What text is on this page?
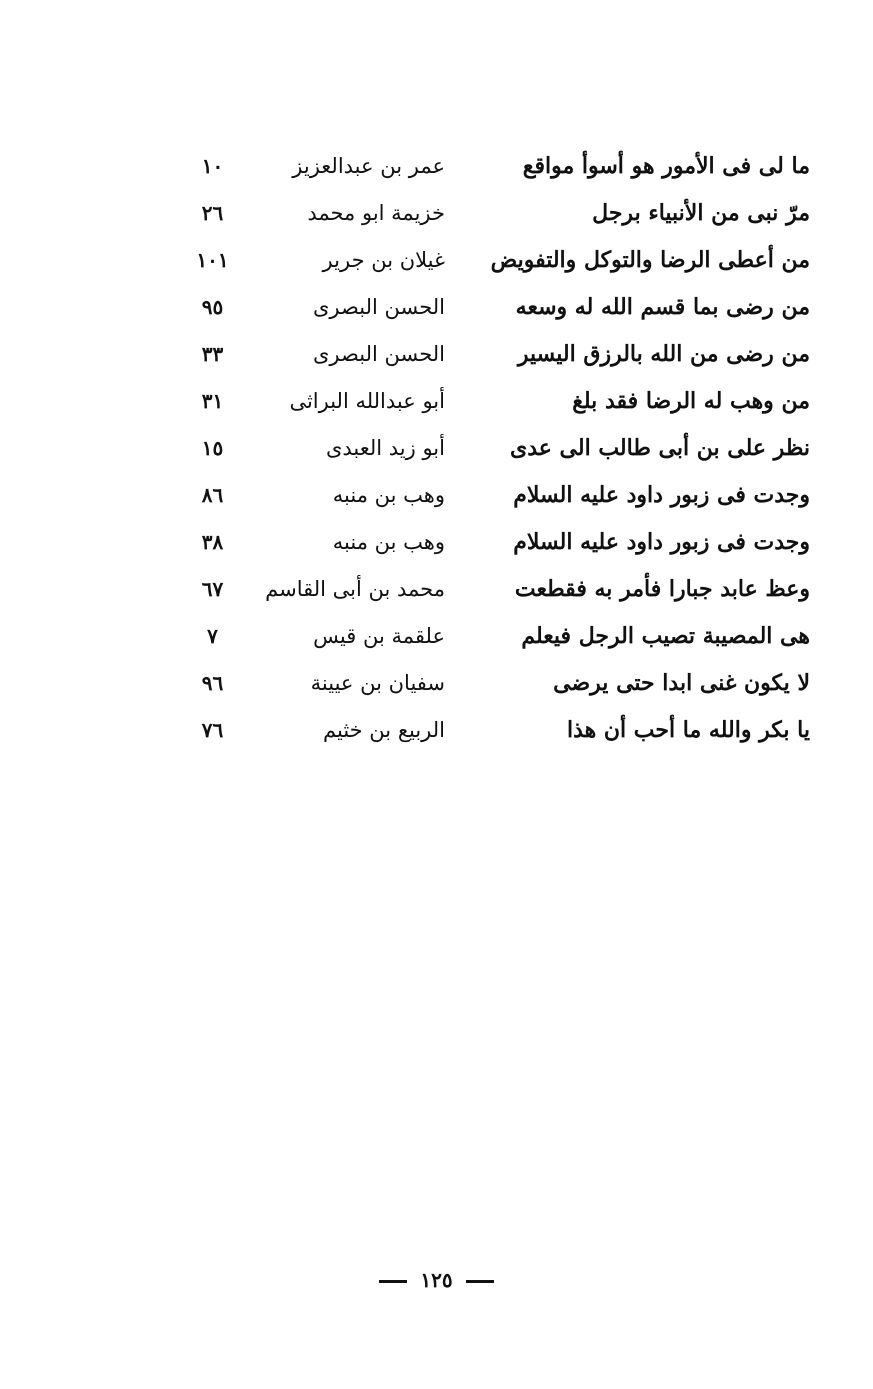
ما لى فى الأمور هو أسوأ مواقع
عمر بن عبدالعزيز
١٠
مرّ نبى من الأنبياء برجل
خزيمة ابو محمد
٢٦
من أعطى الرضا والتوكل والتفويض
غيلان بن جرير
١٠١
من رضى بما قسم الله له وسعه
الحسن البصرى
٩٥
من رضى من الله بالرزق اليسير
الحسن البصرى
٣٣
من وهب له الرضا فقد بلغ
أبو عبدالله البراثى
٣١
نظر على بن أبى طالب الى عدى
أبو زيد العبدى
١٥
وجدت فى زبور داود عليه السلام
وهب بن منبه
٨٦
وجدت فى زبور داود عليه السلام
وهب بن منبه
٣٨
وعظ عابد جبارا فأمر به فقطعت
محمد بن أبى القاسم
٦٧
هى المصيبة تصيب الرجل فيعلم
علقمة بن قيس
٧
لا يكون غنى ابدا حتى يرضى
سفيان بن عيينة
٩٦
يا بكر والله ما أحب أن هذا
الربيع بن خثيم
٧٦
١٢٥
